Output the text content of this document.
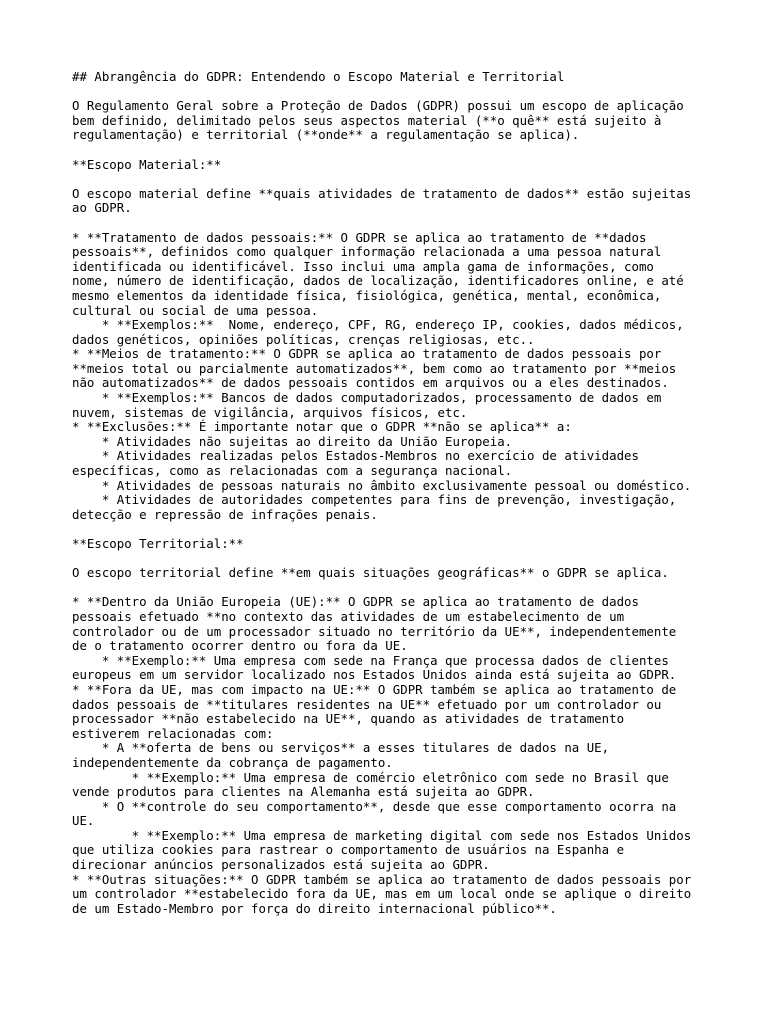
## Abrangência do GDPR: Entendendo o Escopo Material e Territorial
O Regulamento Geral sobre a Proteção de Dados (GDPR) possui um escopo de aplicação
bem definido, delimitado pelos seus aspectos material (**o quê** está sujeito à
regulamentação) e territorial (**onde** a regulamentação se aplica).
**Escopo Material:**
O escopo material define **quais atividades de tratamento de dados** estão sujeitas
ao GDPR.
* **Tratamento de dados pessoais:** O GDPR se aplica ao tratamento de **dados
pessoais**, definidos como qualquer informação relacionada a uma pessoa natural
identificada ou identificável. Isso inclui uma ampla gama de informações, como
nome, número de identificação, dados de localização, identificadores online, e até
mesmo elementos da identidade física, fisiológica, genética, mental, econômica,
cultural ou social de uma pessoa.
* **Exemplos:**  Nome, endereço, CPF, RG, endereço IP, cookies, dados médicos,
dados genéticos, opiniões políticas, crenças religiosas, etc..
* **Meios de tratamento:** O GDPR se aplica ao tratamento de dados pessoais por
**meios total ou parcialmente automatizados**, bem como ao tratamento por **meios
não automatizados** de dados pessoais contidos em arquivos ou a eles destinados.
* **Exemplos:** Bancos de dados computadorizados, processamento de dados em
nuvem, sistemas de vigilância, arquivos físicos, etc.
* **Exclusões:** É importante notar que o GDPR **não se aplica** a:
* Atividades não sujeitas ao direito da União Europeia.
* Atividades realizadas pelos Estados-Membros no exercício de atividades
específicas, como as relacionadas com a segurança nacional.
* Atividades de pessoas naturais no âmbito exclusivamente pessoal ou doméstico.
* Atividades de autoridades competentes para fins de prevenção, investigação,
detecção e repressão de infrações penais.
**Escopo Territorial:**
O escopo territorial define **em quais situações geográficas** o GDPR se aplica.
* **Dentro da União Europeia (UE):** O GDPR se aplica ao tratamento de dados
pessoais efetuado **no contexto das atividades de um estabelecimento de um
controlador ou de um processador situado no território da UE**, independentemente
de o tratamento ocorrer dentro ou fora da UE.
* **Exemplo:** Uma empresa com sede na França que processa dados de clientes
europeus em um servidor localizado nos Estados Unidos ainda está sujeita ao GDPR.
* **Fora da UE, mas com impacto na UE:** O GDPR também se aplica ao tratamento de
dados pessoais de **titulares residentes na UE** efetuado por um controlador ou
processador **não estabelecido na UE**, quando as atividades de tratamento
estiverem relacionadas com:
* A **oferta de bens ou serviços** a esses titulares de dados na UE,
independentemente da cobrança de pagamento.
* **Exemplo:** Uma empresa de comércio eletrônico com sede no Brasil que
vende produtos para clientes na Alemanha está sujeita ao GDPR.
* O **controle do seu comportamento**, desde que esse comportamento ocorra na
UE.
* **Exemplo:** Uma empresa de marketing digital com sede nos Estados Unidos
que utiliza cookies para rastrear o comportamento de usuários na Espanha e
direcionar anúncios personalizados está sujeita ao GDPR.
* **Outras situações:** O GDPR também se aplica ao tratamento de dados pessoais por
um controlador **estabelecido fora da UE, mas em um local onde se aplique o direito
de um Estado-Membro por força do direito internacional público**.
